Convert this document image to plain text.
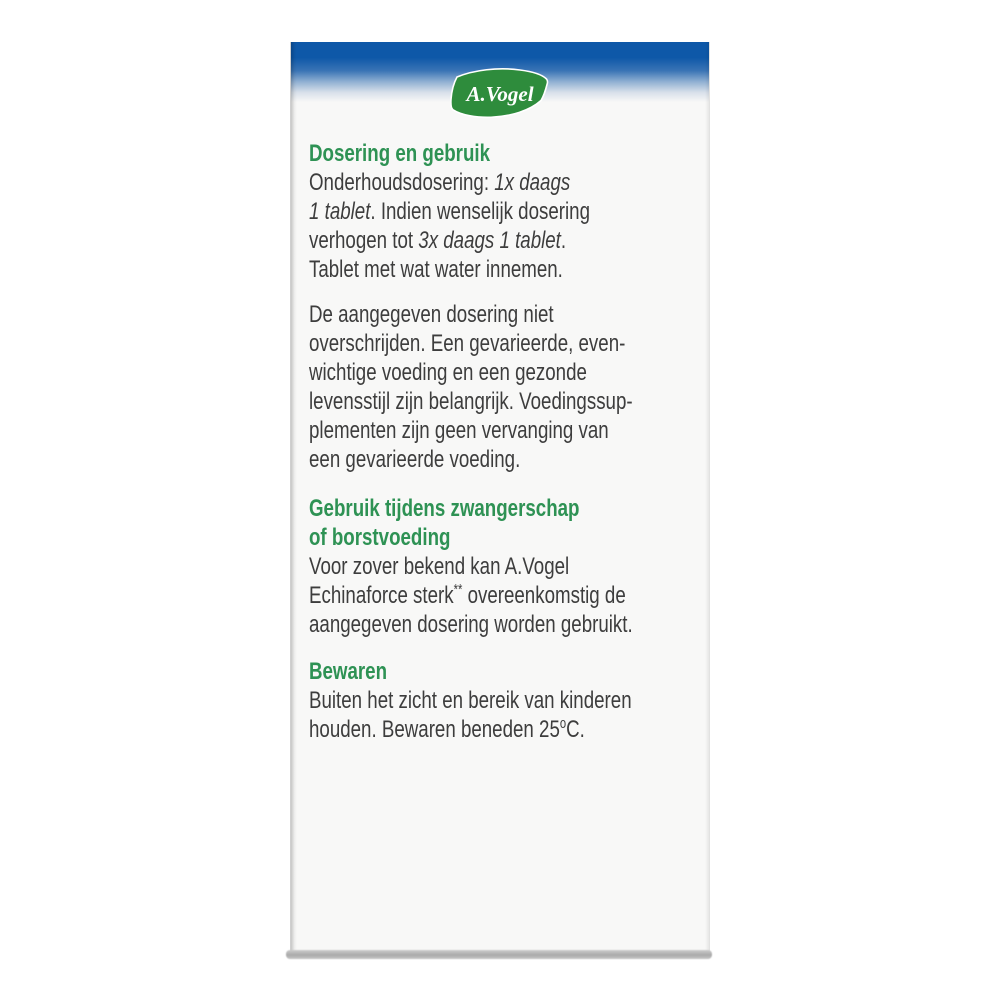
A.Vogel
Dosering en gebruik
Onderhoudsdosering: 1x daags
1 tablet. Indien wenselijk dosering
verhogen tot 3x daags 1 tablet.
Tablet met wat water innemen.
De aangegeven dosering niet
overschrijden. Een gevarieerde, even-
wichtige voeding en een gezonde
levensstijl zijn belangrijk. Voedingssup-
plementen zijn geen vervanging van
een gevarieerde voeding.
Gebruik tijdens zwangerschap
of borstvoeding
Voor zover bekend kan A.Vogel
Echinaforce sterk** overeenkomstig de
aangegeven dosering worden gebruikt.
Bewaren
Buiten het zicht en bereik van kinderen
houden. Bewaren beneden 25$^o$C.
